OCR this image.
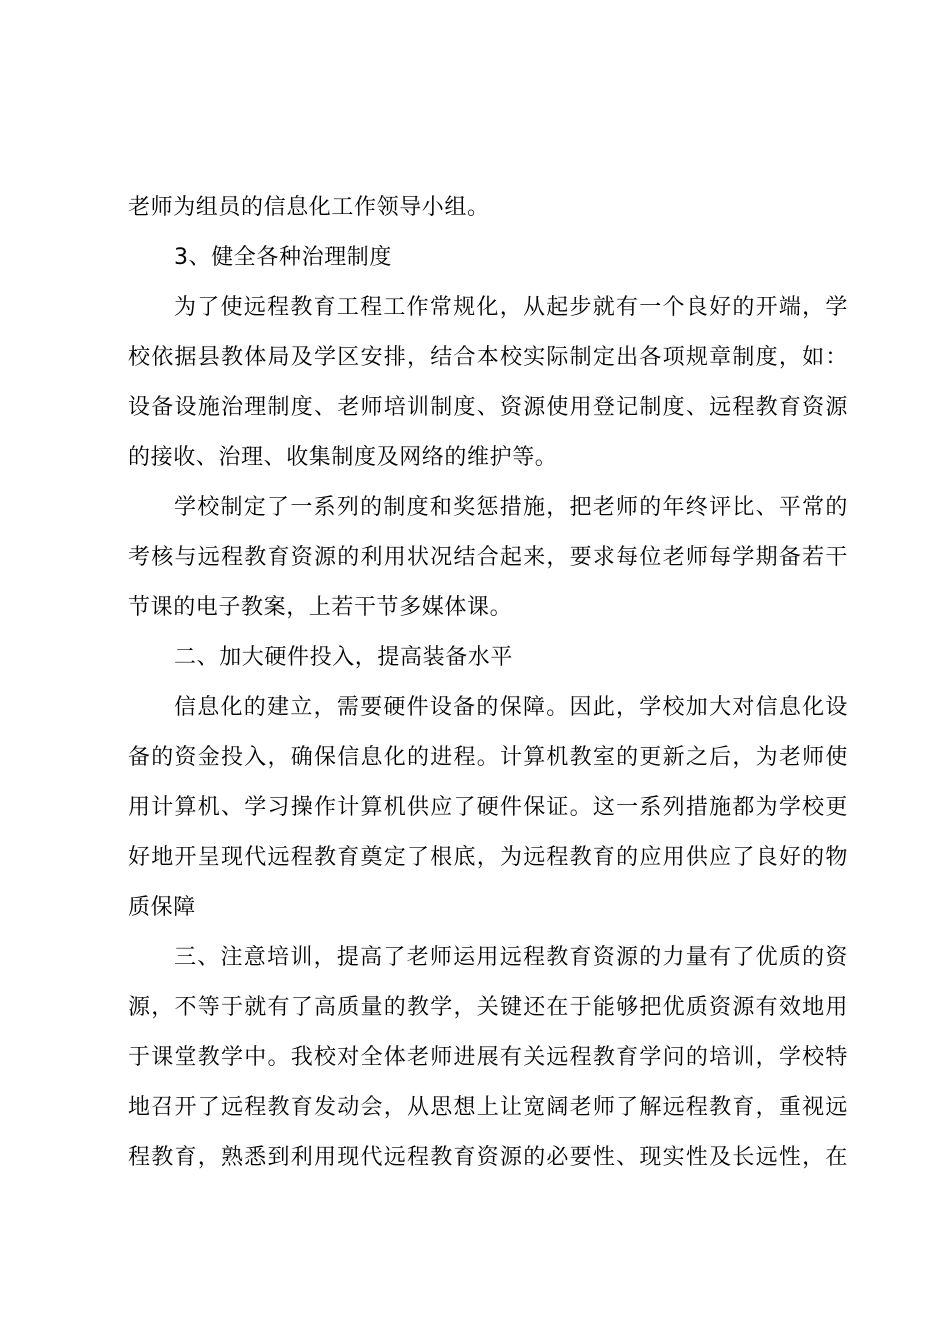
老师为组员的信息化工作领导小组。
3、健全各种治理制度
为了使远程教育工程工作常规化，从起步就有一个良好的开端，学
校依据县教体局及学区安排，结合本校实际制定出各项规章制度，如：
设备设施治理制度、老师培训制度、资源使用登记制度、远程教育资源
的接收、治理、收集制度及网络的维护等。
学校制定了一系列的制度和奖惩措施，把老师的年终评比、平常的
考核与远程教育资源的利用状况结合起来，要求每位老师每学期备若干
节课的电子教案，上若干节多媒体课。
二、加大硬件投入，提高装备水平
信息化的建立，需要硬件设备的保障。因此，学校加大对信息化设
备的资金投入，确保信息化的进程。计算机教室的更新之后，为老师使
用计算机、学习操作计算机供应了硬件保证。这一系列措施都为学校更
好地开呈现代远程教育奠定了根底，为远程教育的应用供应了良好的物
质保障
三、注意培训，提高了老师运用远程教育资源的力量有了优质的资
源，不等于就有了高质量的教学，关键还在于能够把优质资源有效地用
于课堂教学中。我校对全体老师进展有关远程教育学问的培训，学校特
地召开了远程教育发动会，从思想上让宽阔老师了解远程教育，重视远
程教育，熟悉到利用现代远程教育资源的必要性、现实性及长远性，在
